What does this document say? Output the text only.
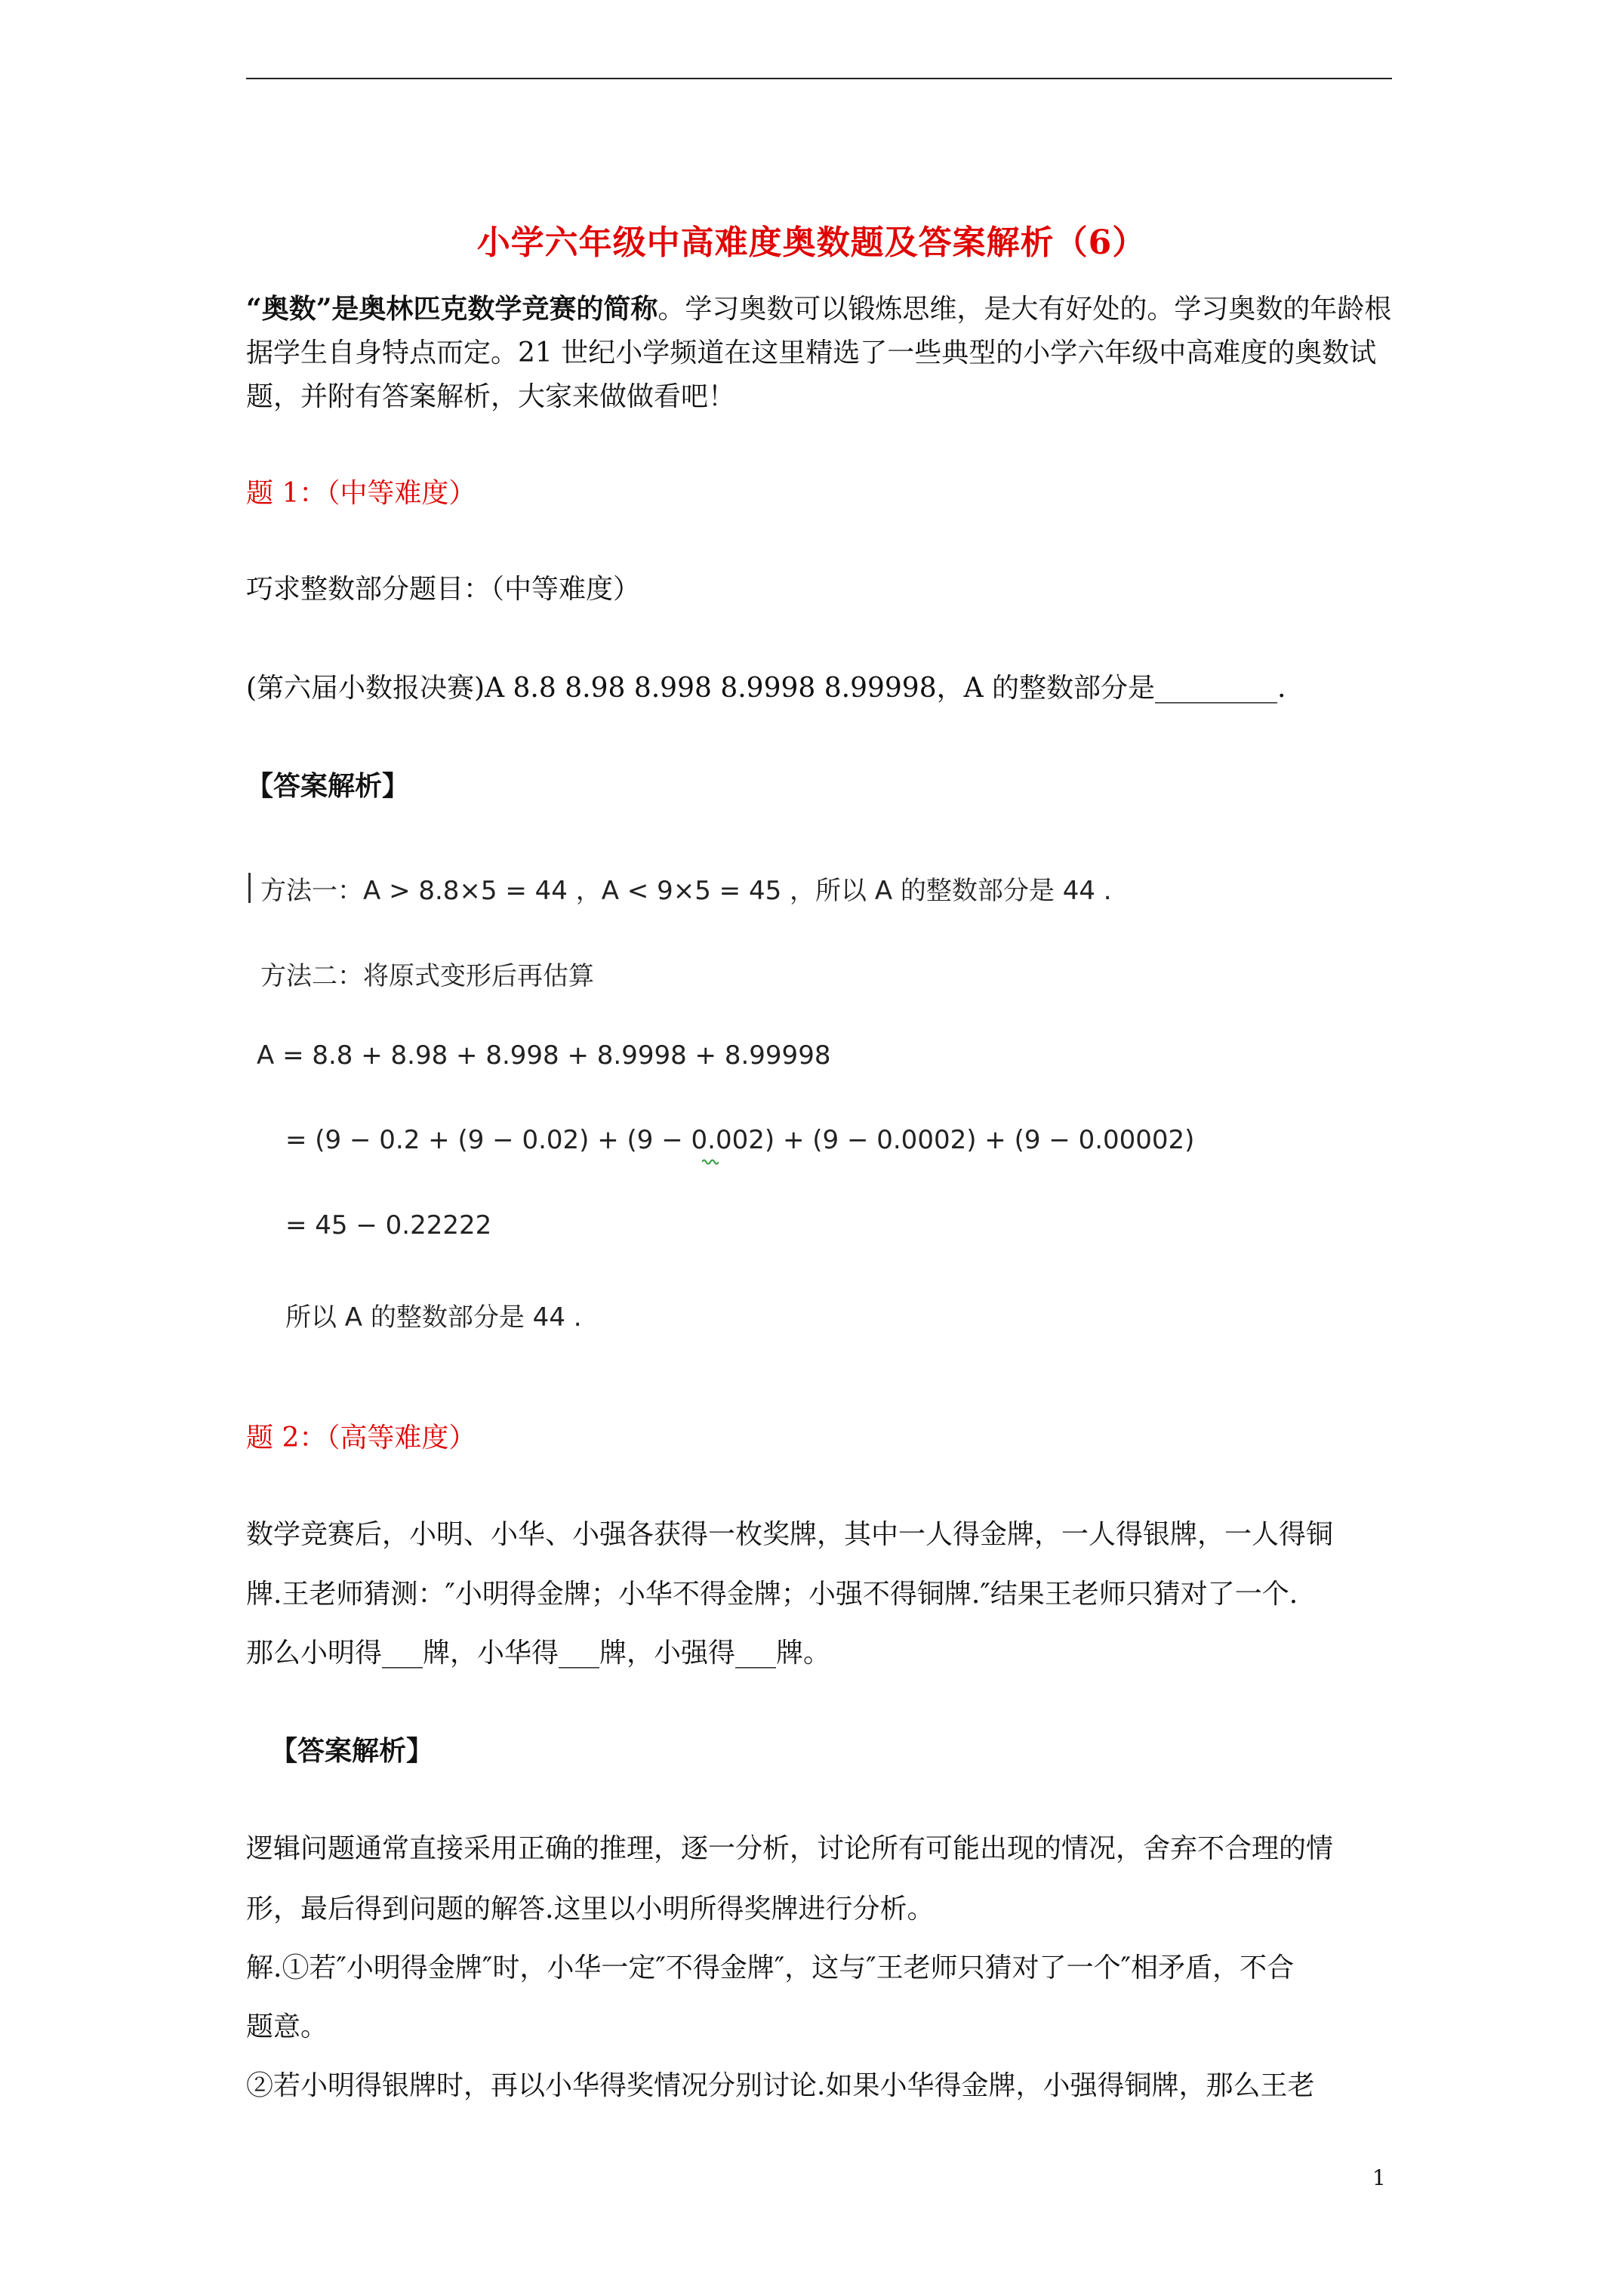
小学六年级中高难度奥数题及答案解析（6）
“奥数”是奥林匹克数学竞赛的简称。学习奥数可以锻炼思维，是大有好处的。学习奥数的年龄根据学生自身特点而定。21 世纪小学频道在这里精选了一些典型的小学六年级中高难度的奥数试题，并附有答案解析，大家来做做看吧！
题 1：（中等难度）
巧求整数部分题目：（中等难度）
(第六届小数报决赛)A 8.8 8.98 8.998 8.9998 8.99998，A 的整数部分是_________.
【答案解析】
方法一：A > 8.8×5 = 44 ，A < 9×5 = 45 ，所以 A 的整数部分是 44 .
方法二：将原式变形后再估算
A = 8.8 + 8.98 + 8.998 + 8.9998 + 8.99998
= (9 − 0.2 + (9 − 0.02) + (9 − 0.002) + (9 − 0.0002) + (9 − 0.00002)
= 45 − 0.22222
所以 A 的整数部分是 44 .
题 2：（高等难度）
数学竞赛后，小明、小华、小强各获得一枚奖牌，其中一人得金牌，一人得银牌，一人得铜
牌.王老师猜测：″小明得金牌；小华不得金牌；小强不得铜牌.″结果王老师只猜对了一个.
那么小明得___牌，小华得___牌，小强得___牌。
【答案解析】
逻辑问题通常直接采用正确的推理，逐一分析，讨论所有可能出现的情况，舍弃不合理的情
形，最后得到问题的解答.这里以小明所得奖牌进行分析。
解.①若″小明得金牌″时，小华一定″不得金牌″，这与″王老师只猜对了一个″相矛盾，不合
题意。
②若小明得银牌时，再以小华得奖情况分别讨论.如果小华得金牌，小强得铜牌，那么王老
1
